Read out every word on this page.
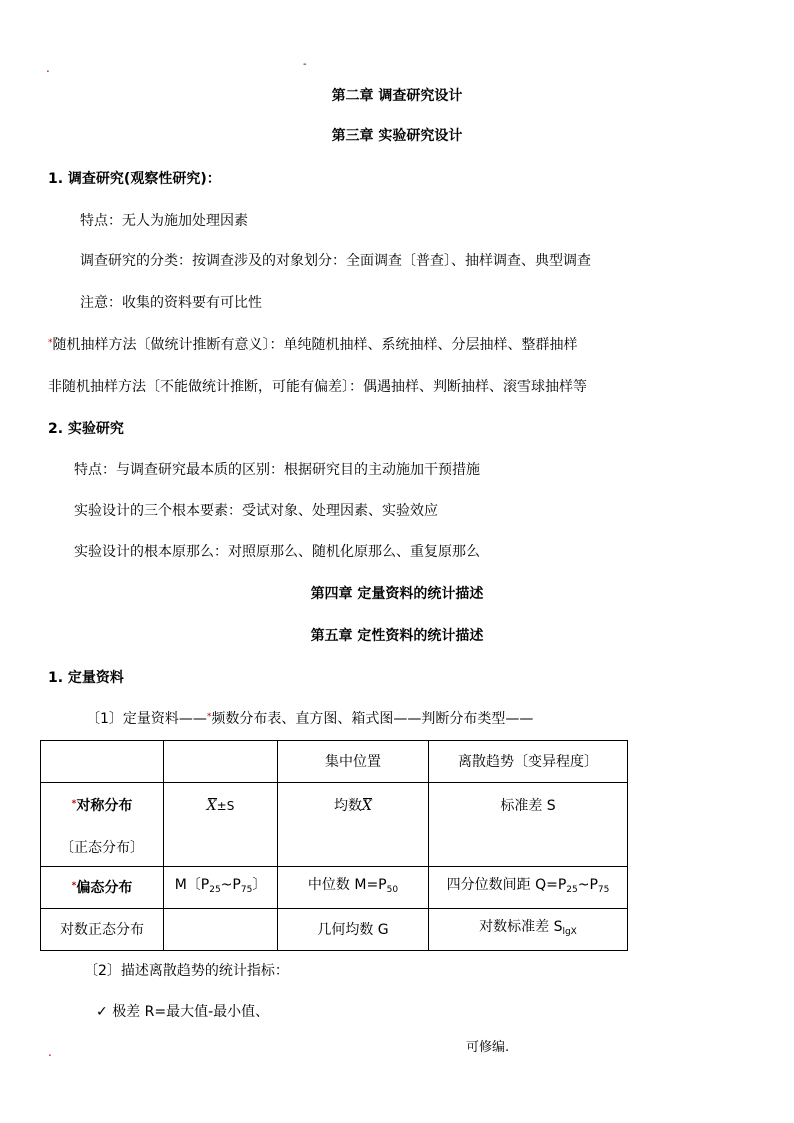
.	-
第二章 调查研究设计
第三章 实验研究设计
1. 调查研究(观察性研究)：
特点：无人为施加处理因素
调查研究的分类：按调查涉及的对象划分：全面调查〔普查〕、抽样调查、典型调查
注意：收集的资料要有可比性
*随机抽样方法〔做统计推断有意义〕：单纯随机抽样、系统抽样、分层抽样、整群抽样
非随机抽样方法〔不能做统计推断，可能有偏差〕：偶遇抽样、判断抽样、滚雪球抽样等
2. 实验研究
特点：与调查研究最本质的区别：根据研究目的主动施加干预措施
实验设计的三个根本要素：受试对象、处理因素、实验效应
实验设计的根本原那么：对照原那么、随机化原那么、重复原那么
第四章 定量资料的统计描述
第五章 定性资料的统计描述
1. 定量资料
〔1〕定量资料——*频数分布表、直方图、箱式图——判断分布类型——
		集中位置	离散趋势〔变异程度〕

*对称分布
〔正态分布〕	X±S	均数X	标准差 S
*偏态分布	M〔$P_{25}\sim P_{75}$〕	中位数 $M=P_{50}$	四分位数间距 $Q=P_{25}\sim P_{75}$
对数正态分布		几何均数 G	对数标准差 $S_{lgX}$
〔2〕描述离散趋势的统计指标：
✓ 极差 R=最大值-最小值、
.	可修编.
